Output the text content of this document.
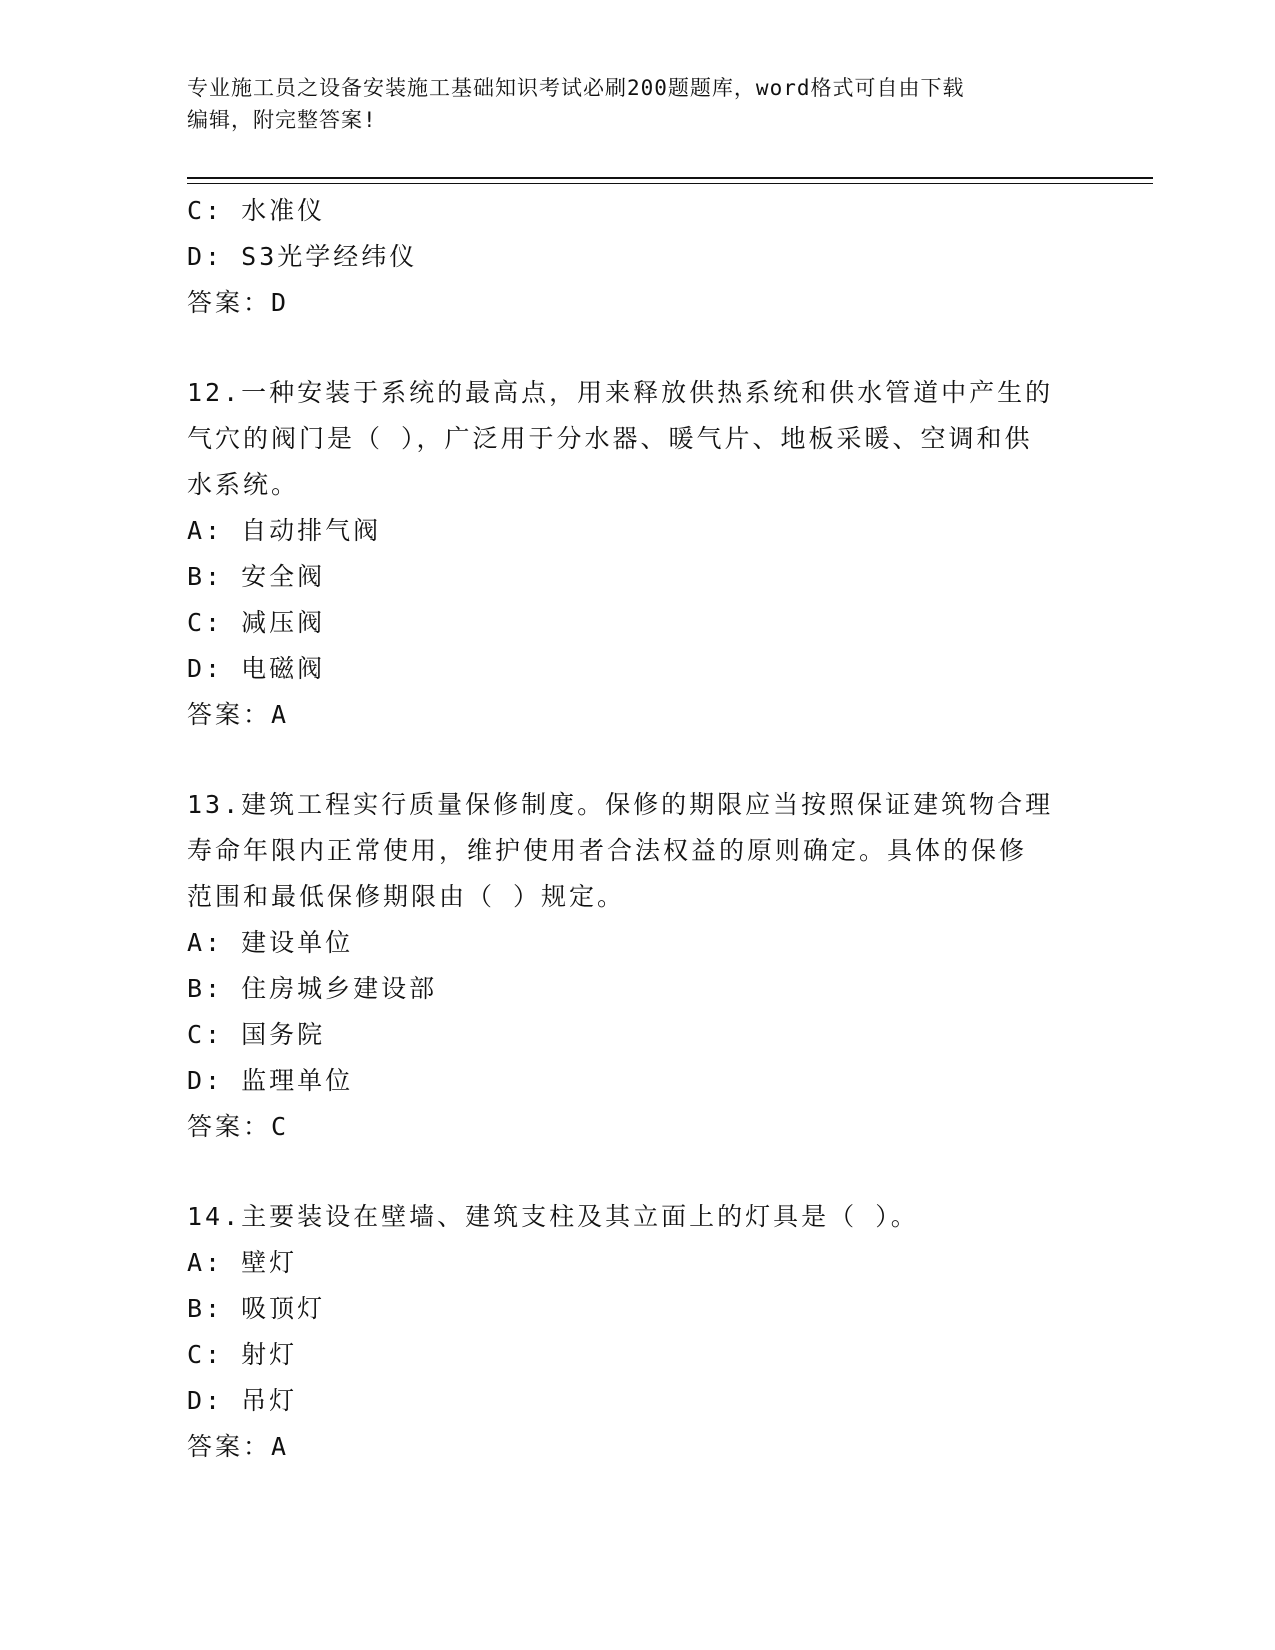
专业施工员之设备安装施工基础知识考试必刷200题题库，word格式可自由下载
编辑，附完整答案!
C: 水准仪
D: S3光学经纬仪
答案：D
12.一种安装于系统的最高点，用来释放供热系统和供水管道中产生的
气穴的阀门是（ ），广泛用于分水器、暖气片、地板采暖、空调和供
水系统。
A: 自动排气阀
B: 安全阀
C: 减压阀
D: 电磁阀
答案：A
13.建筑工程实行质量保修制度。保修的期限应当按照保证建筑物合理
寿命年限内正常使用，维护使用者合法权益的原则确定。具体的保修
范围和最低保修期限由（ ）规定。
A: 建设单位
B: 住房城乡建设部
C: 国务院
D: 监理单位
答案：C
14.主要装设在壁墙、建筑支柱及其立面上的灯具是（ ）。
A: 壁灯
B: 吸顶灯
C: 射灯
D: 吊灯
答案：A
